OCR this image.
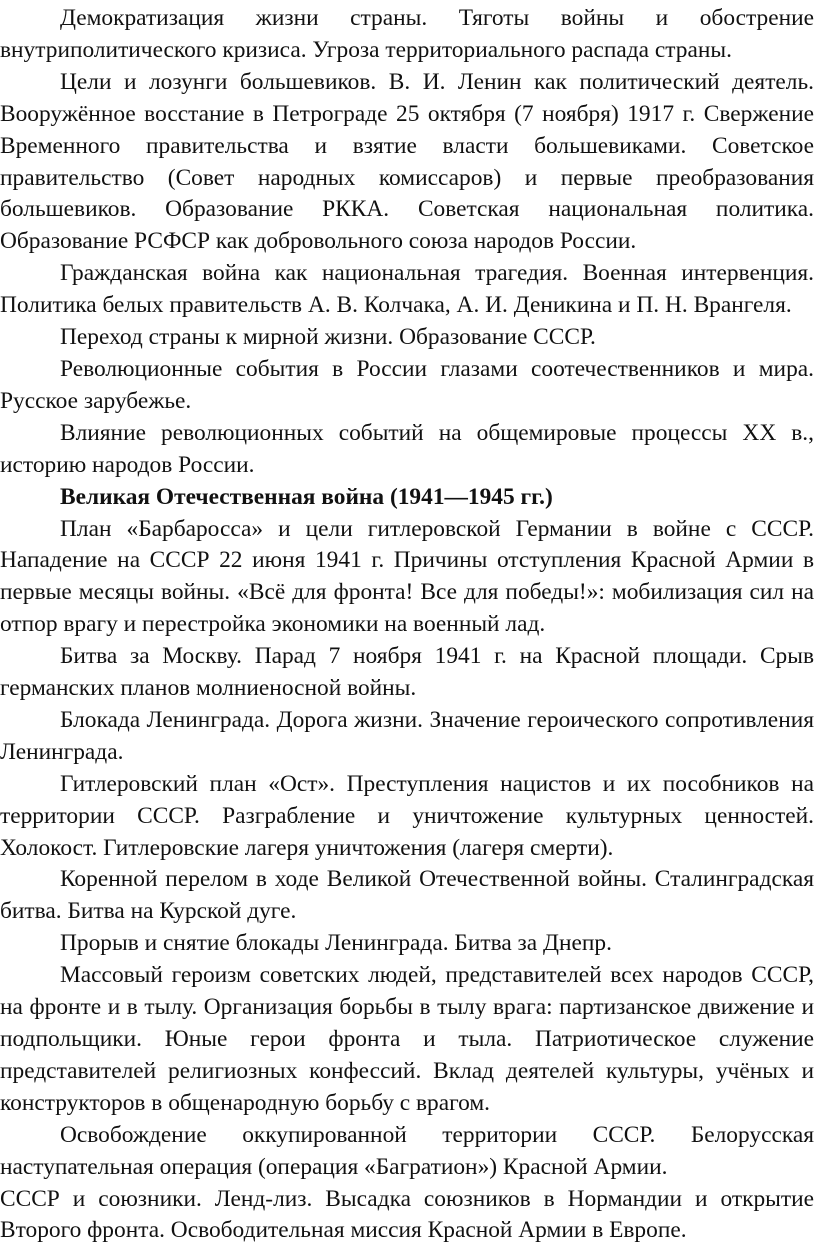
Демократизация жизни страны. Тяготы войны и обострение внутриполитического кризиса. Угроза территориального распада страны.

Цели и лозунги большевиков. В. И. Ленин как политический деятель. Вооружённое восстание в Петрограде 25 октября (7 ноября) 1917 г. Свержение Временного правительства и взятие власти большевиками. Советское правительство (Совет народных комиссаров) и первые преобразования большевиков. Образование РККА. Советская национальная политика. Образование РСФСР как добровольного союза народов России.

Гражданская война как национальная трагедия. Военная интервенция. Политика белых правительств А. В. Колчака, А. И. Деникина и П. Н. Врангеля.

Переход страны к мирной жизни. Образование СССР.

Революционные события в России глазами соотечественников и мира. Русское зарубежье.

Влияние революционных событий на общемировые процессы XX в., историю народов России.

Великая Отечественная война (1941—1945 гг.)

План «Барбаросса» и цели гитлеровской Германии в войне с СССР. Нападение на СССР 22 июня 1941 г. Причины отступления Красной Армии в первые месяцы войны. «Всё для фронта! Все для победы!»: мобилизация сил на отпор врагу и перестройка экономики на военный лад.

Битва за Москву. Парад 7 ноября 1941 г. на Красной площади. Срыв германских планов молниеносной войны.

Блокада Ленинграда. Дорога жизни. Значение героического сопротивления Ленинграда.

Гитлеровский план «Ост». Преступления нацистов и их пособников на территории СССР. Разграбление и уничтожение культурных ценностей. Холокост. Гитлеровские лагеря уничтожения (лагеря смерти).

Коренной перелом в ходе Великой Отечественной войны. Сталинградская битва. Битва на Курской дуге.

Прорыв и снятие блокады Ленинграда. Битва за Днепр.

Массовый героизм советских людей, представителей всех народов СССР, на фронте и в тылу. Организация борьбы в тылу врага: партизанское движение и подпольщики. Юные герои фронта и тыла. Патриотическое служение представителей религиозных конфессий. Вклад деятелей культуры, учёных и конструкторов в общенародную борьбу с врагом.

Освобождение оккупированной территории СССР. Белорусская наступательная операция (операция «Багратион») Красной Армии.

СССР и союзники. Ленд-лиз. Высадка союзников в Нормандии и открытие Второго фронта. Освободительная миссия Красной Армии в Европе.
